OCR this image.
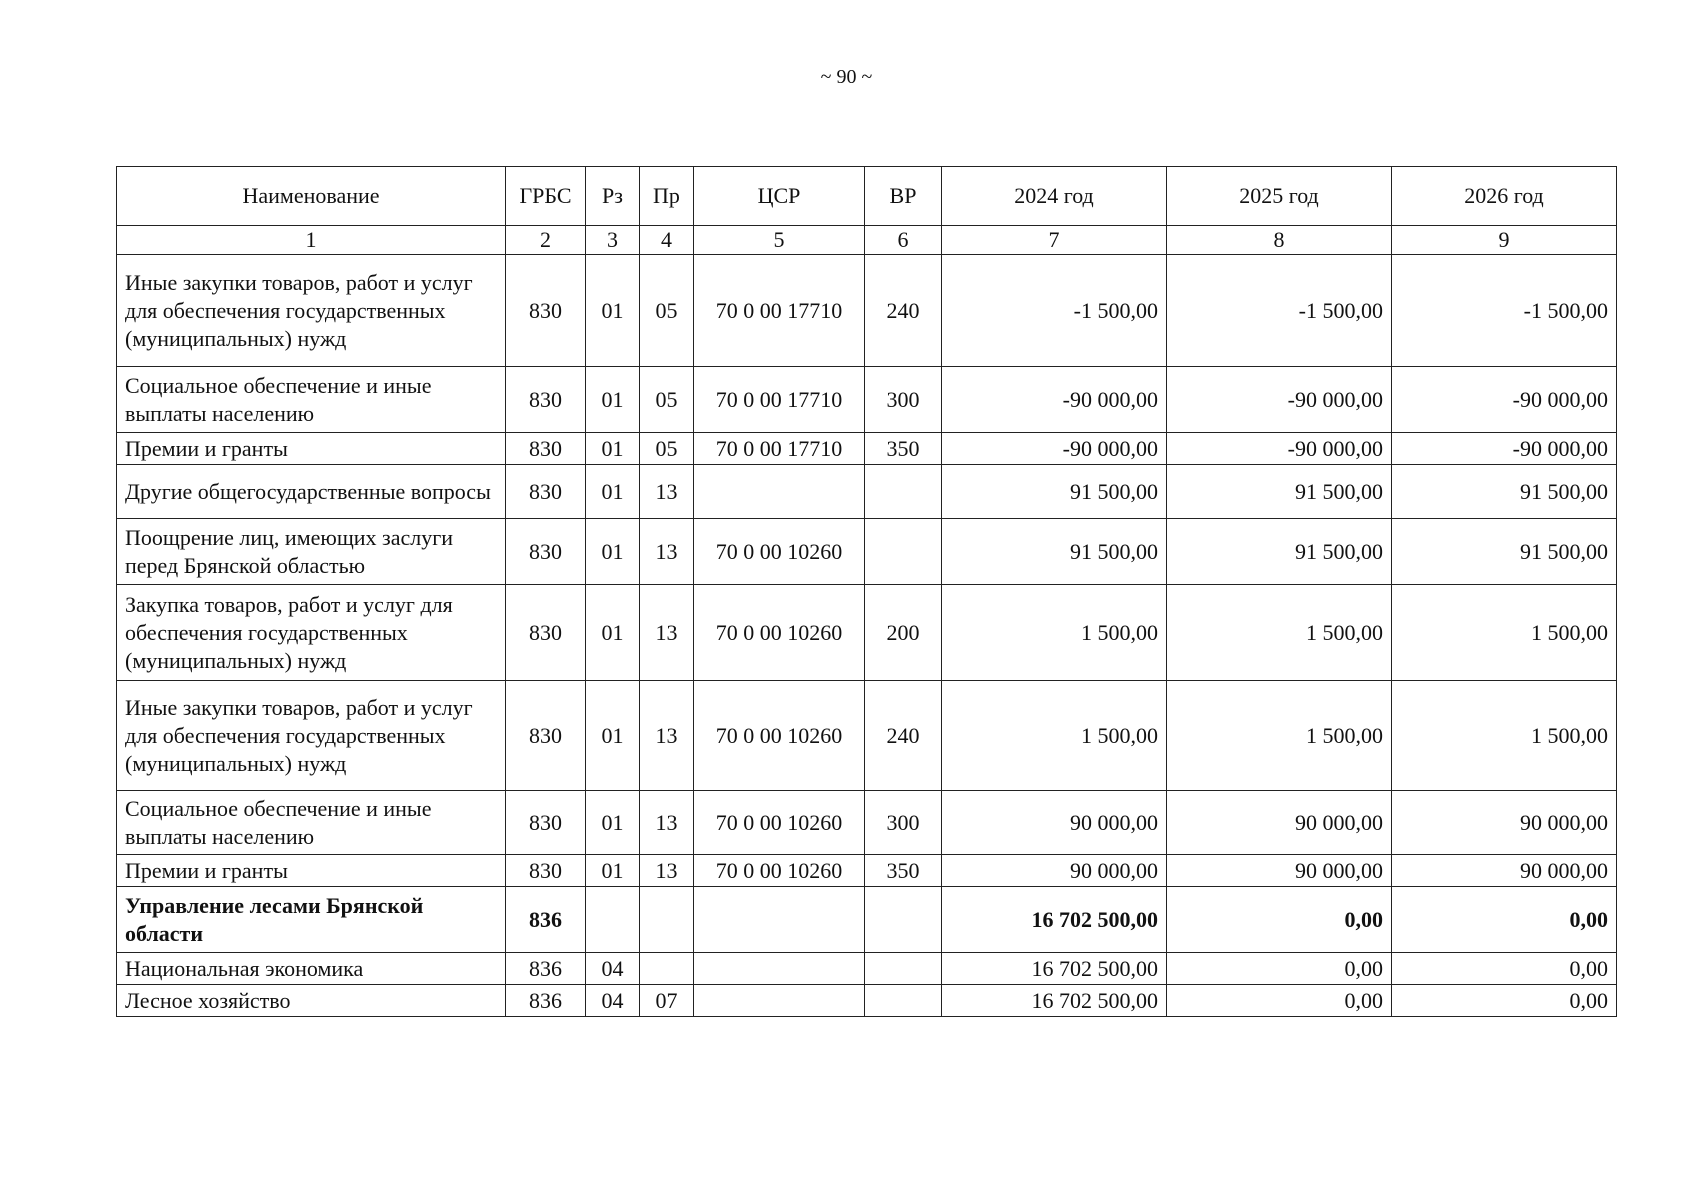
~ 90 ~
Наименование	ГРБС	Рз	Пр	ЦСР	ВР	2024 год	2025 год	2026 год
1	2	3	4	5	6	7	8	9
Иные закупки товаров, работ и услуг для обеспечения государственных (муниципальных) нужд	830	01	05	70 0 00 17710	240	-1 500,00	-1 500,00	-1 500,00
Социальное обеспечение и иные выплаты населению	830	01	05	70 0 00 17710	300	-90 000,00	-90 000,00	-90 000,00
Премии и гранты	830	01	05	70 0 00 17710	350	-90 000,00	-90 000,00	-90 000,00
Другие общегосударственные вопросы	830	01	13			91 500,00	91 500,00	91 500,00
Поощрение лиц, имеющих заслуги перед Брянской областью	830	01	13	70 0 00 10260		91 500,00	91 500,00	91 500,00
Закупка товаров, работ и услуг для обеспечения государственных (муниципальных) нужд	830	01	13	70 0 00 10260	200	1 500,00	1 500,00	1 500,00
Иные закупки товаров, работ и услуг для обеспечения государственных (муниципальных) нужд	830	01	13	70 0 00 10260	240	1 500,00	1 500,00	1 500,00
Социальное обеспечение и иные выплаты населению	830	01	13	70 0 00 10260	300	90 000,00	90 000,00	90 000,00
Премии и гранты	830	01	13	70 0 00 10260	350	90 000,00	90 000,00	90 000,00
Управление лесами Брянской области	836					16 702 500,00	0,00	0,00
Национальная экономика	836	04				16 702 500,00	0,00	0,00
Лесное хозяйство	836	04	07			16 702 500,00	0,00	0,00
